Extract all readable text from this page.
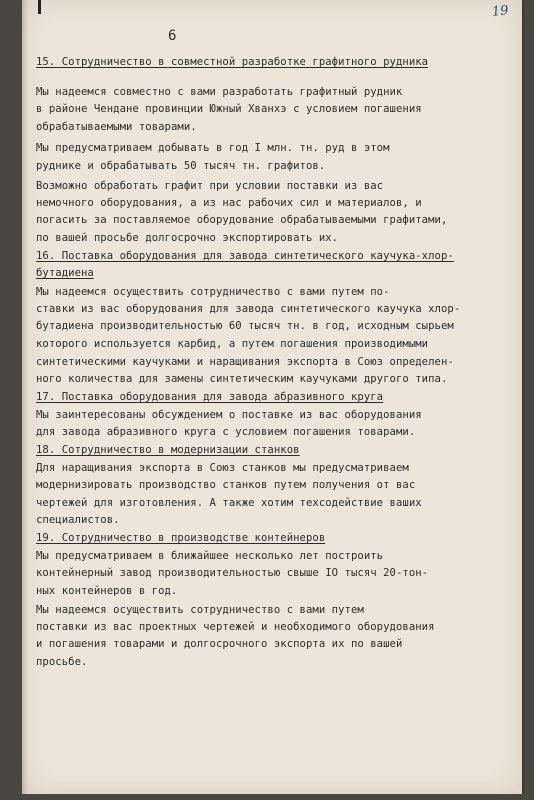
19
6
15. Сотрудничество в совместной разработке графитного рудника
Мы надеемся совместно с вами разработать графитный рудник
в районе Чендане провинции Южный Хванхэ с условием погашения
обрабатываемыми товарами.
Мы предусматриваем добывать в год I млн. тн. руд в этом
руднике и обрабатывать 50 тысяч тн. графитов.
Возможно обработать графит при условии поставки из вас
немочного оборудования, а из нас рабочих сил и материалов, и
погасить за поставляемое оборудование обрабатываемыми графитами,
по вашей просьбе долгосрочно экспортировать их.
16. Поставка оборудования для завода синтетического каучука-хлор-
бутадиена
Мы надеемся осуществить сотрудничество с вами путем по-
ставки из вас оборудования для завода синтетического каучука хлор-
бутадиена производительностью 60 тысяч тн. в год, исходным сырьем
которого используется карбид, а путем погашения производимыми
синтетическими каучуками и наращивания экспорта в Союз определен-
ного количества для замены синтетическим каучуками другого типа.
17. Поставка оборудования для завода абразивного круга
Мы заинтересованы обсуждением о поставке из вас оборудования
для завода абразивного круга с условием погашения товарами.
18. Сотрудничество в модернизации станков
Для наращивания экспорта в Союз станков мы предусматриваем
модернизировать производство станков путем получения от вас
чертежей для изготовления. А также хотим техсодействие ваших
специалистов.
19. Сотрудничество в производстве контейнеров
Мы предусматриваем в ближайшее несколько лет построить
контейнерный завод производительностью свыше IO тысяч 20-тон-
ных контейнеров в год.
Мы надеемся осуществить сотрудничество с вами путем
поставки из вас проектных чертежей и необходимого оборудования
и погашения товарами и долгосрочного экспорта их по вашей
просьбе.
